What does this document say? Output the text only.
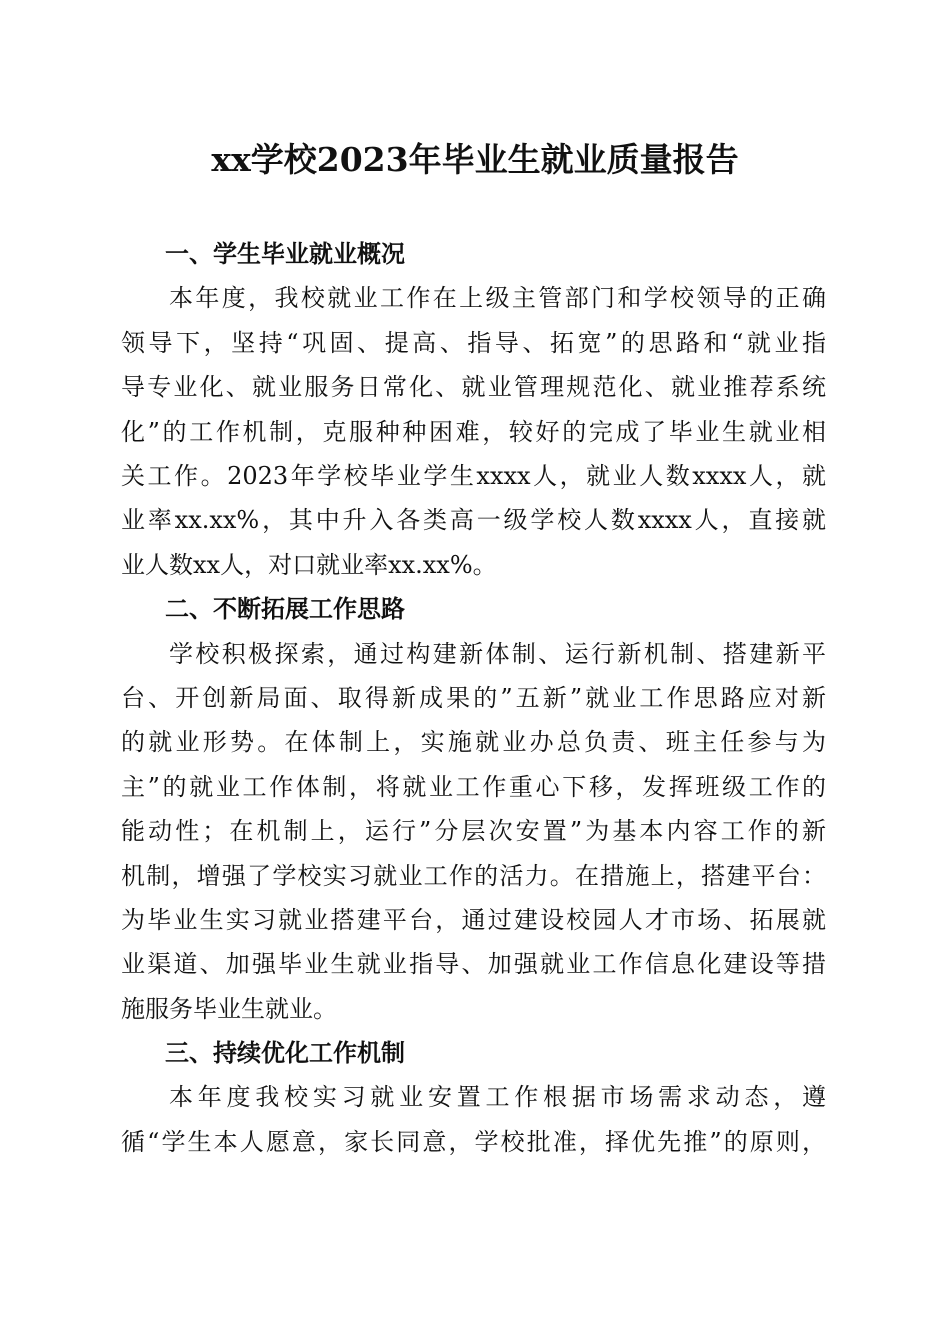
xx学校2023年毕业生就业质量报告
一、学生毕业就业概况
本年度，我校就业工作在上级主管部门和学校领导的正确
领导下，坚持“巩固、提高、指导、拓宽”的思路和“就业指
导专业化、就业服务日常化、就业管理规范化、就业推荐系统
化”的工作机制，克服种种困难，较好的完成了毕业生就业相
关工作。2023年学校毕业学生xxxx人，就业人数xxxx人，就
业率xx.xx%，其中升入各类高一级学校人数xxxx人，直接就
业人数xx人，对口就业率xx.xx%。
二、不断拓展工作思路
学校积极探索，通过构建新体制、运行新机制、搭建新平
台、开创新局面、取得新成果的”五新”就业工作思路应对新
的就业形势。在体制上，实施就业办总负责、班主任参与为
主”的就业工作体制，将就业工作重心下移，发挥班级工作的
能动性；在机制上，运行”分层次安置”为基本内容工作的新
机制，增强了学校实习就业工作的活力。在措施上，搭建平台：
为毕业生实习就业搭建平台，通过建设校园人才市场、拓展就
业渠道、加强毕业生就业指导、加强就业工作信息化建设等措
施服务毕业生就业。
三、持续优化工作机制
本年度我校实习就业安置工作根据市场需求动态，遵
循“学生本人愿意，家长同意，学校批准，择优先推”的原则，
